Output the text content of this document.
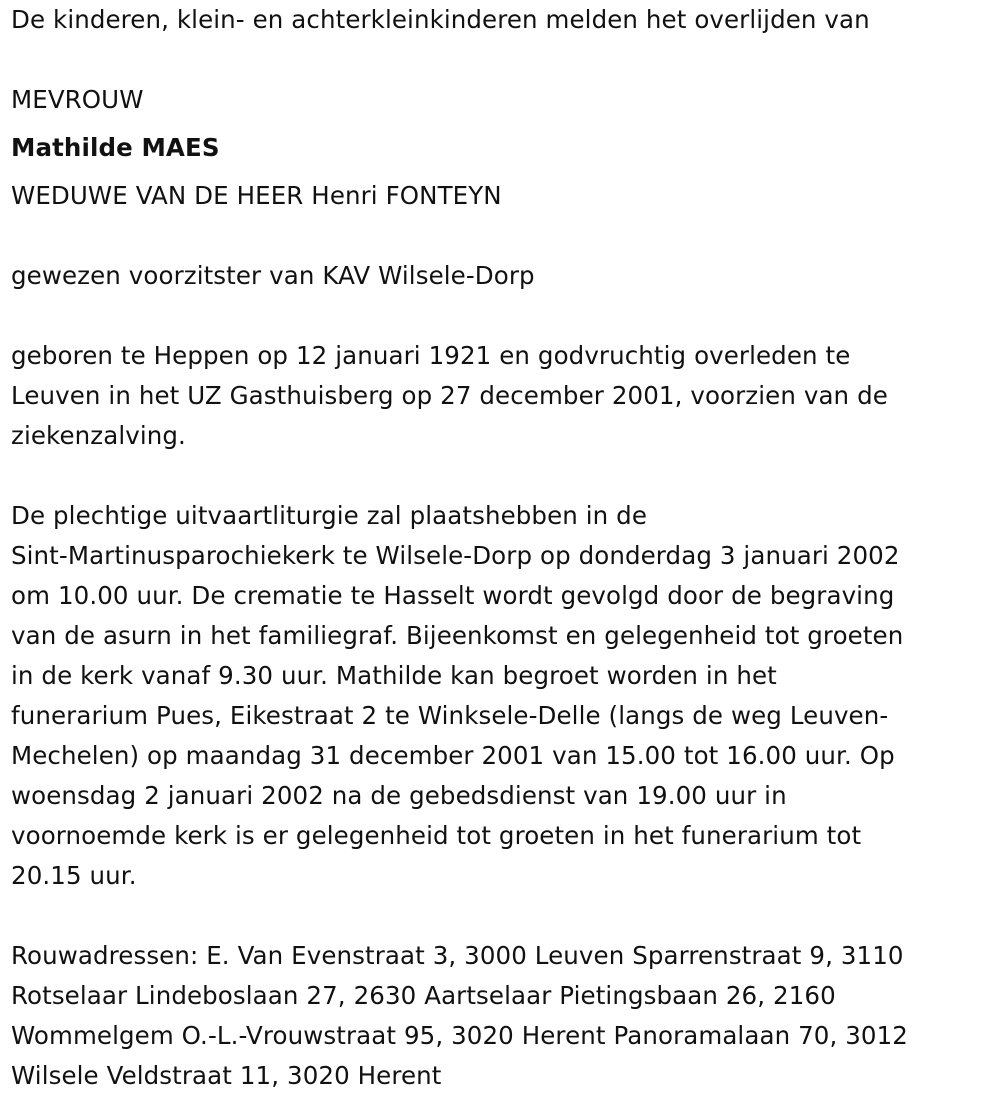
De kinderen, klein- en achterkleinkinderen melden het overlijden van
MEVROUW
Mathilde MAES
WEDUWE VAN DE HEER Henri FONTEYN
gewezen voorzitster van KAV Wilsele-Dorp
geboren te Heppen op 12 januari 1921 en godvruchtig overleden te
Leuven in het UZ Gasthuisberg op 27 december 2001, voorzien van de
ziekenzalving.
De plechtige uitvaartliturgie zal plaatshebben in de
Sint-Martinusparochiekerk te Wilsele-Dorp op donderdag 3 januari 2002
om 10.00 uur. De crematie te Hasselt wordt gevolgd door de begraving
van de asurn in het familiegraf. Bijeenkomst en gelegenheid tot groeten
in de kerk vanaf 9.30 uur. Mathilde kan begroet worden in het
funerarium Pues, Eikestraat 2 te Winksele-Delle (langs de weg Leuven-
Mechelen) op maandag 31 december 2001 van 15.00 tot 16.00 uur. Op
woensdag 2 januari 2002 na de gebedsdienst van 19.00 uur in
voornoemde kerk is er gelegenheid tot groeten in het funerarium tot
20.15 uur.
Rouwadressen: E. Van Evenstraat 3, 3000 Leuven Sparrenstraat 9, 3110
Rotselaar Lindeboslaan 27, 2630 Aartselaar Pietingsbaan 26, 2160
Wommelgem O.-L.-Vrouwstraat 95, 3020 Herent Panoramalaan 70, 3012
Wilsele Veldstraat 11, 3020 Herent
